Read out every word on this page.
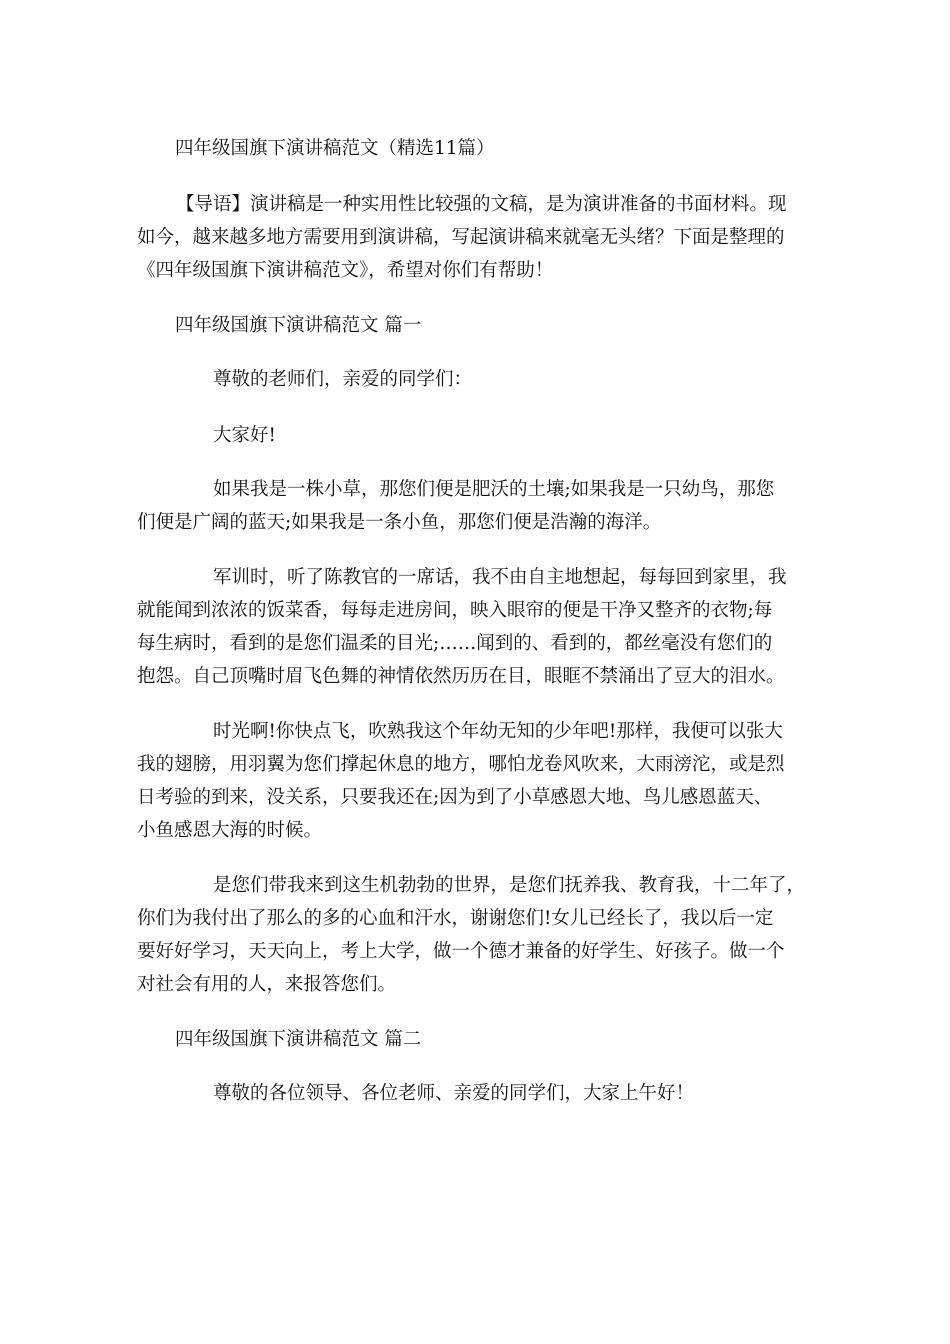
四年级国旗下演讲稿范文（精选11篇）

【导语】演讲稿是一种实用性比较强的文稿，是为演讲准备的书面材料。现

如今，越来越多地方需要用到演讲稿，写起演讲稿来就毫无头绪？下面是整理的

《四年级国旗下演讲稿范文》，希望对你们有帮助！

四年级国旗下演讲稿范文 篇一

尊敬的老师们，亲爱的同学们：

大家好!

如果我是一株小草，那您们便是肥沃的土壤;如果我是一只幼鸟，那您

们便是广阔的蓝天;如果我是一条小鱼，那您们便是浩瀚的海洋。

军训时，听了陈教官的一席话，我不由自主地想起，每每回到家里，我

就能闻到浓浓的饭菜香，每每走进房间，映入眼帘的便是干净又整齐的衣物;每

每生病时，看到的是您们温柔的目光;……闻到的、看到的，都丝毫没有您们的

抱怨。自己顶嘴时眉飞色舞的神情依然历历在目，眼眶不禁涌出了豆大的泪水。

时光啊!你快点飞，吹熟我这个年幼无知的少年吧!那样，我便可以张大

我的翅膀，用羽翼为您们撑起休息的地方，哪怕龙卷风吹来，大雨滂沱，或是烈

日考验的到来，没关系，只要我还在;因为到了小草感恩大地、鸟儿感恩蓝天、

小鱼感恩大海的时候。

是您们带我来到这生机勃勃的世界，是您们抚养我、教育我，十二年了，

你们为我付出了那么的多的心血和汗水，谢谢您们!女儿已经长了，我以后一定

要好好学习，天天向上，考上大学，做一个德才兼备的好学生、好孩子。做一个

对社会有用的人，来报答您们。

四年级国旗下演讲稿范文 篇二

尊敬的各位领导、各位老师、亲爱的同学们，大家上午好！
